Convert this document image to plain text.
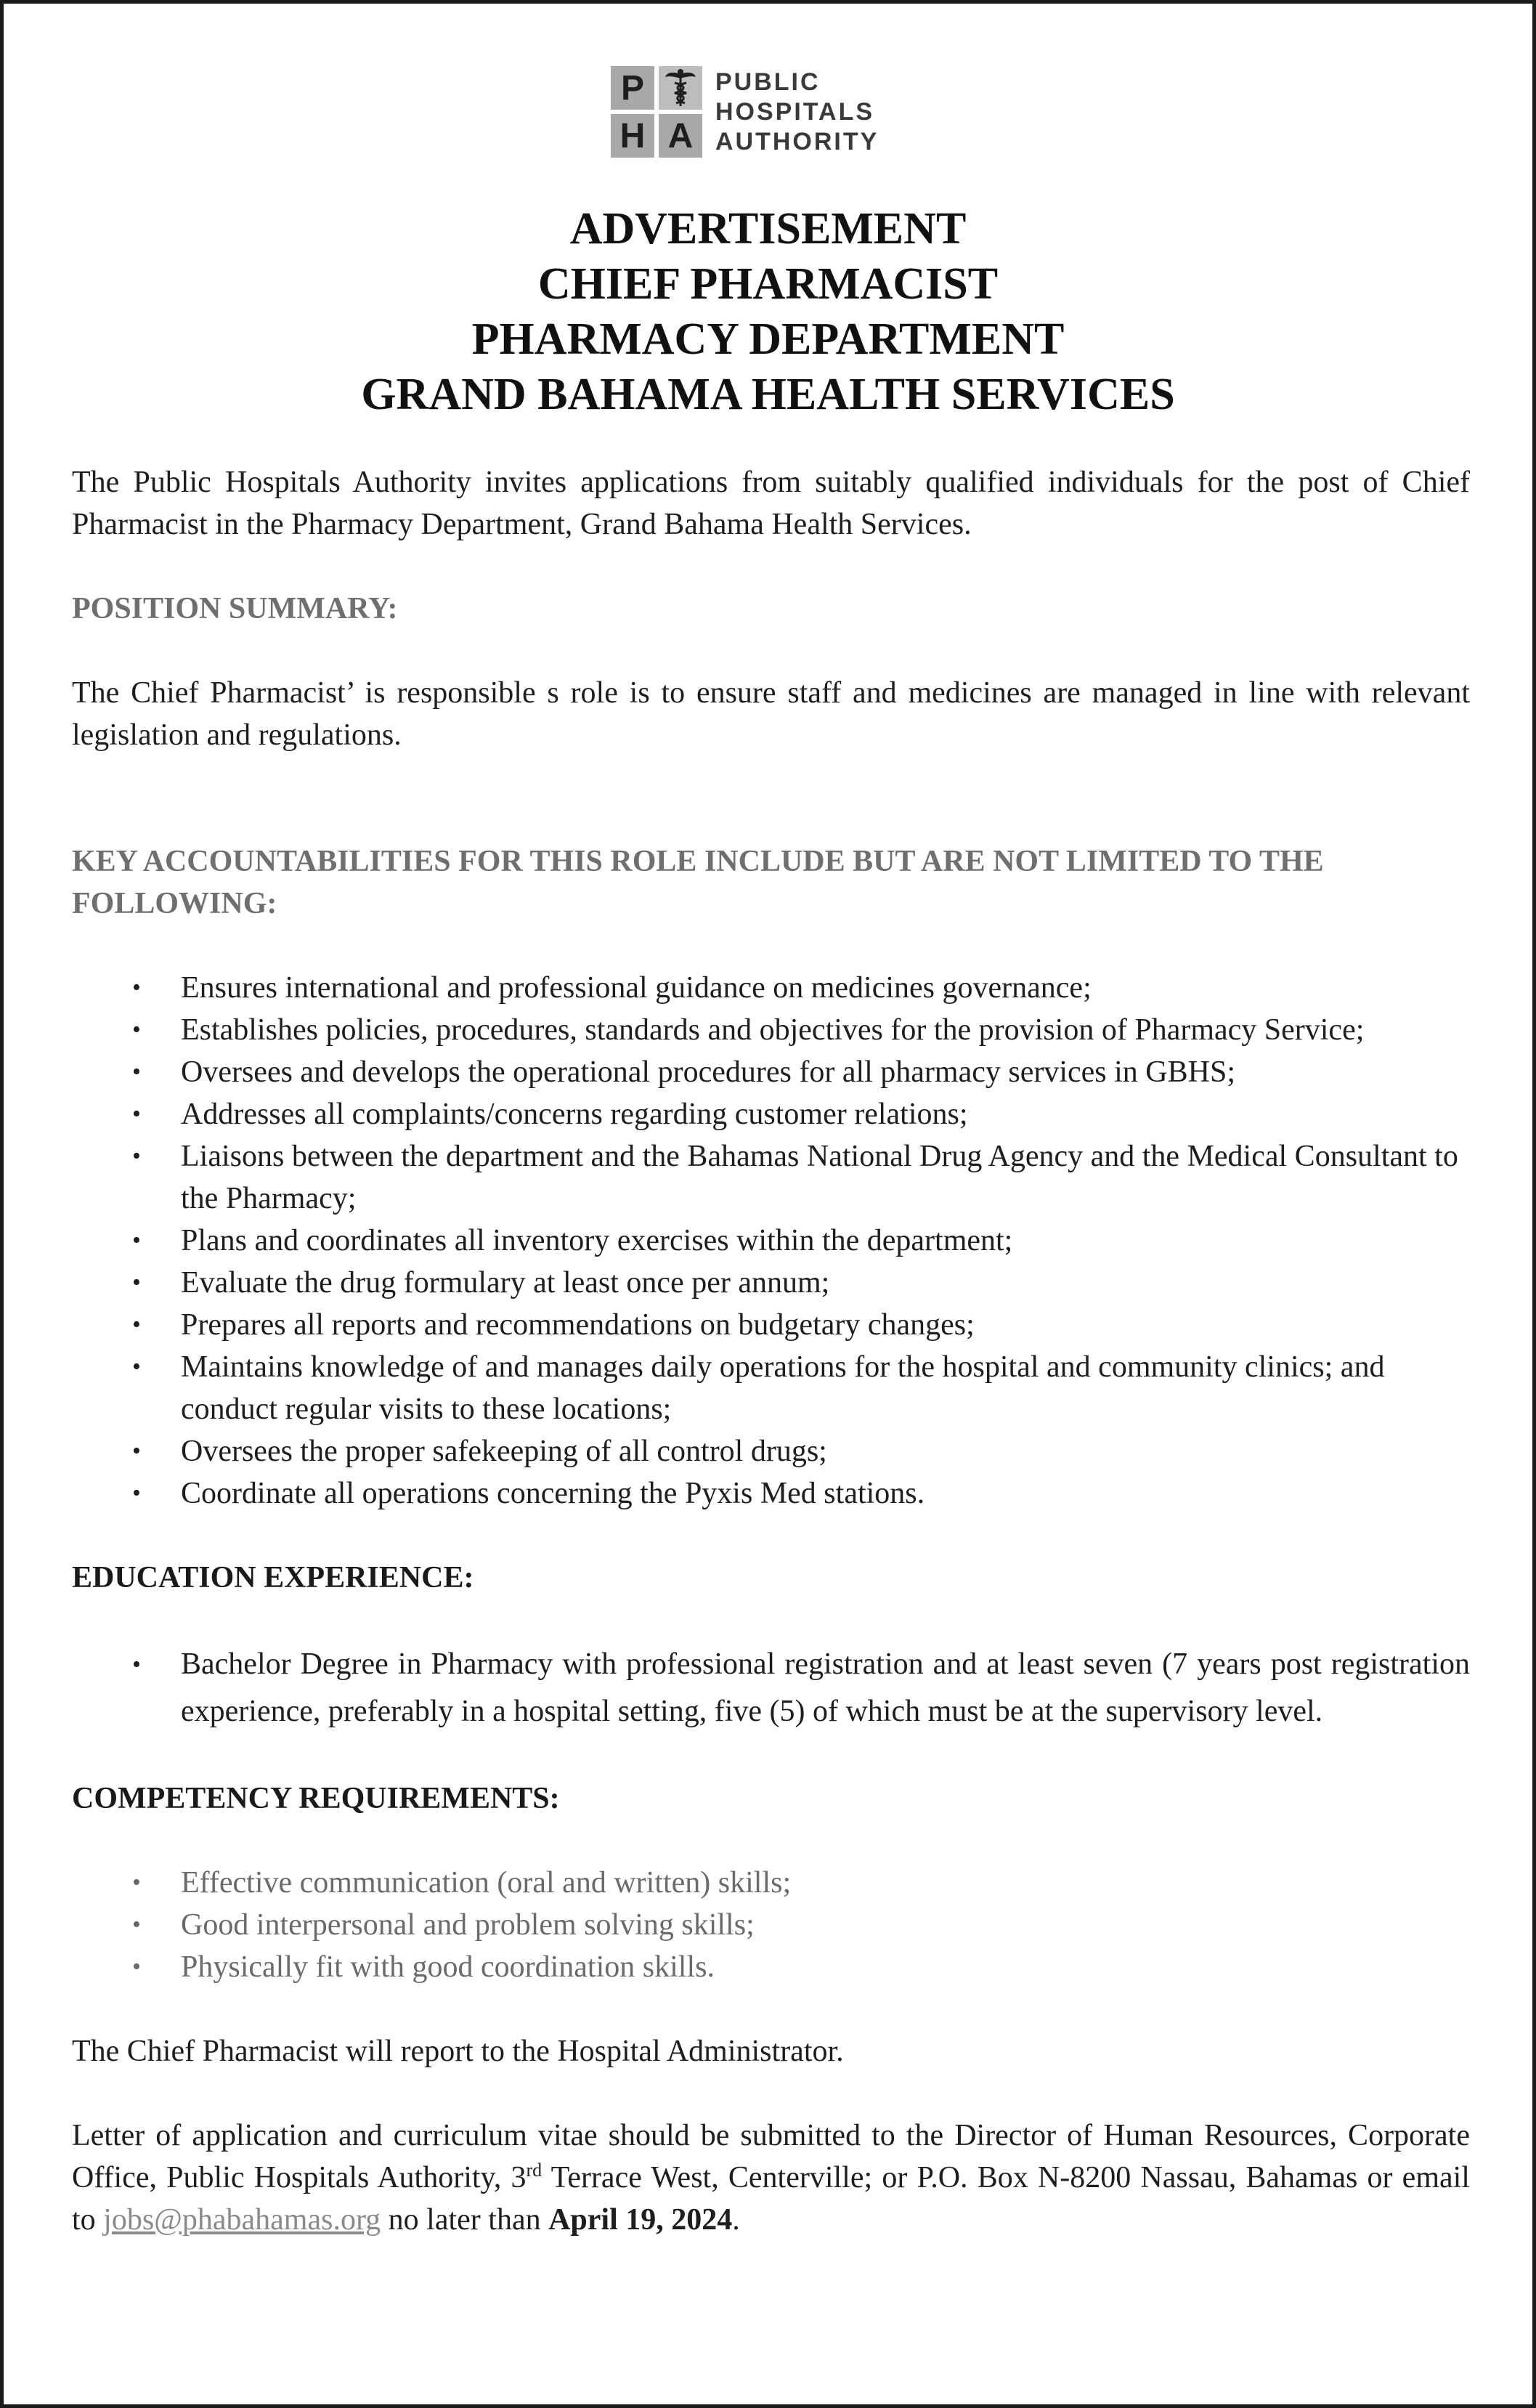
P
H A
PUBLIC
HOSPITALS
AUTHORITY
ADVERTISEMENT
CHIEF PHARMACIST
PHARMACY DEPARTMENT
GRAND BAHAMA HEALTH SERVICES

The Public Hospitals Authority invites applications from suitably qualified individuals for the post of Chief Pharmacist in the Pharmacy Department, Grand Bahama Health Services.

POSITION SUMMARY:

The Chief Pharmacist’ is responsible s role is to ensure staff and medicines are managed in line with relevant legislation and regulations.

KEY ACCOUNTABILITIES FOR THIS ROLE INCLUDE BUT ARE NOT LIMITED TO THE FOLLOWING:

• Ensures international and professional guidance on medicines governance;
• Establishes policies, procedures, standards and objectives for the provision of Pharmacy Service;
• Oversees and develops the operational procedures for all pharmacy services in GBHS;
• Addresses all complaints/concerns regarding customer relations;
• Liaisons between the department and the Bahamas National Drug Agency and the Medical Consultant to the Pharmacy;
• Plans and coordinates all inventory exercises within the department;
• Evaluate the drug formulary at least once per annum;
• Prepares all reports and recommendations on budgetary changes;
• Maintains knowledge of and manages daily operations for the hospital and community clinics; and conduct regular visits to these locations;
• Oversees the proper safekeeping of all control drugs;
• Coordinate all operations concerning the Pyxis Med stations.

EDUCATION EXPERIENCE:

• Bachelor Degree in Pharmacy with professional registration and at least seven (7 years post registration experience, preferably in a hospital setting, five (5) of which must be at the supervisory level.

COMPETENCY REQUIREMENTS:

• Effective communication (oral and written) skills;
• Good interpersonal and problem solving skills;
• Physically fit with good coordination skills.

The Chief Pharmacist will report to the Hospital Administrator.

Letter of application and curriculum vitae should be submitted to the Director of Human Resources, Corporate Office, Public Hospitals Authority, 3rd Terrace West, Centerville; or P.O. Box N-8200 Nassau, Bahamas or email to jobs@phabahamas.org no later than April 19, 2024.
